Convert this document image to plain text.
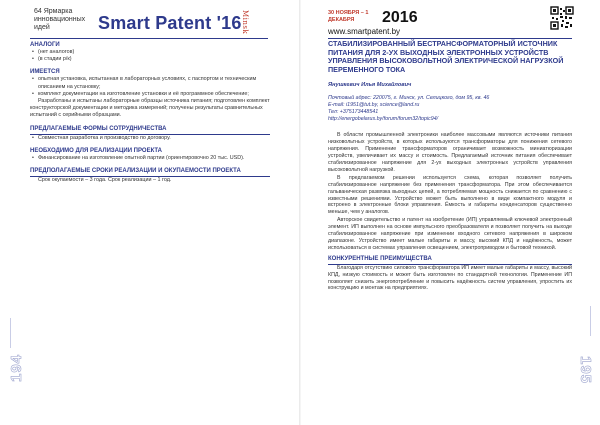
64 Ярмарка инновационных идей	Smart Patent '16 Minsk
АНАЛОГИ
• (нет аналогов)
• (в стадии р/к)
ИМЕЕТСЯ
• опытная установка, испытанная в лабораторных условиях, с паспортом и техническим описанием на установку;
• комплект документации на изготовление установки и её программное обеспечение;
Разработаны и испытаны лабораторные образцы источника питания; подготовлен комплект конструкторской документации и методика измерений; получены результаты сравнительных испытаний с серийными образцами.
ПРЕДЛАГАЕМЫЕ ФОРМЫ СОТРУДНИЧЕСТВА
• Совместная разработка и производство по договору.
НЕОБХОДИМО ДЛЯ РЕАЛИЗАЦИИ ПРОЕКТА
• Финансирование на изготовление опытной партии (ориентировочно 20 тыс. USD).
ПРЕДПОЛАГАЕМЫЕ СРОКИ РЕАЛИЗАЦИИ И ОКУПАЕМОСТИ ПРОЕКТА
Срок окупаемости – 3 года. Срок реализации – 1 год.
194
30 НОЯБРЯ – 1 ДЕКАБРЯ	2016
www.smartpatent.by
СТАБИЛИЗИРОВАННЫЙ БЕСТРАНСФОРМАТОРНЫЙ ИСТОЧНИК ПИТАНИЯ ДЛЯ 2-УХ ВЫХОДНЫХ ЭЛЕКТРОННЫХ УСТРОЙСТВ УПРАВЛЕНИЯ ВЫСОКОВОЛЬТНОЙ ЭЛЕКТРИЧЕСКОЙ НАГРУЗКОЙ ПЕРЕМЕННОГО ТОКА
Янушкевич Илья Михайлович
Почтовый адрес: 220075, г. Минск, ул. Селицкого, дом 95, кв. 46
E-mail: i1951@tut.by, science@land.ru
Тел: +375173448541
http://energobelarus.by/forum/forum32/topic94/

В области промышленной электроники наиболее массовыми являются источники питания низковольтных устройств, в которых используются трансформаторы для понижения сетевого напряжения. Применение трансформаторов ограничивает возможность миниатюризации устройств, увеличивает их массу и стоимость. Предлагаемый источник питания обеспечивает стабилизированное напряжение для 2-ух выходных электронных устройств управления высоковольтной нагрузкой.

В предлагаемом решении используется схема, которая позволяет получить стабилизированное напряжение без применения трансформатора. При этом обеспечивается гальваническая развязка выходных цепей, а потребляемая мощность снижается по сравнению с известными решениями. Устройство может быть выполнено в виде компактного модуля и встроено в электронные блоки управления. Ёмкость и габариты конденсаторов существенно меньше, чем у аналогов.

Авторское свидетельство и патент на изобретение (ИП) управляемый ключевой электронный элемент. ИП выполнен на основе импульсного преобразователя и позволяет получить на выходе стабилизированное напряжение при изменении входного сетевого напряжения в широком диапазоне. Устройство имеет малые габариты и массу, высокий КПД и надёжность, может использоваться в системах управления освещением, электроприводом и бытовой техникой.

КОНКУРЕНТНЫЕ ПРЕИМУЩЕСТВА

Благодаря отсутствию силового трансформатора ИП имеет малые габариты и массу, высокий КПД, низкую стоимость и может быть изготовлен по стандартной технологии. Применение ИП позволяет снизить энергопотребление и повысить надёжность систем управления, упростить их конструкцию и монтаж на предприятиях.

195
